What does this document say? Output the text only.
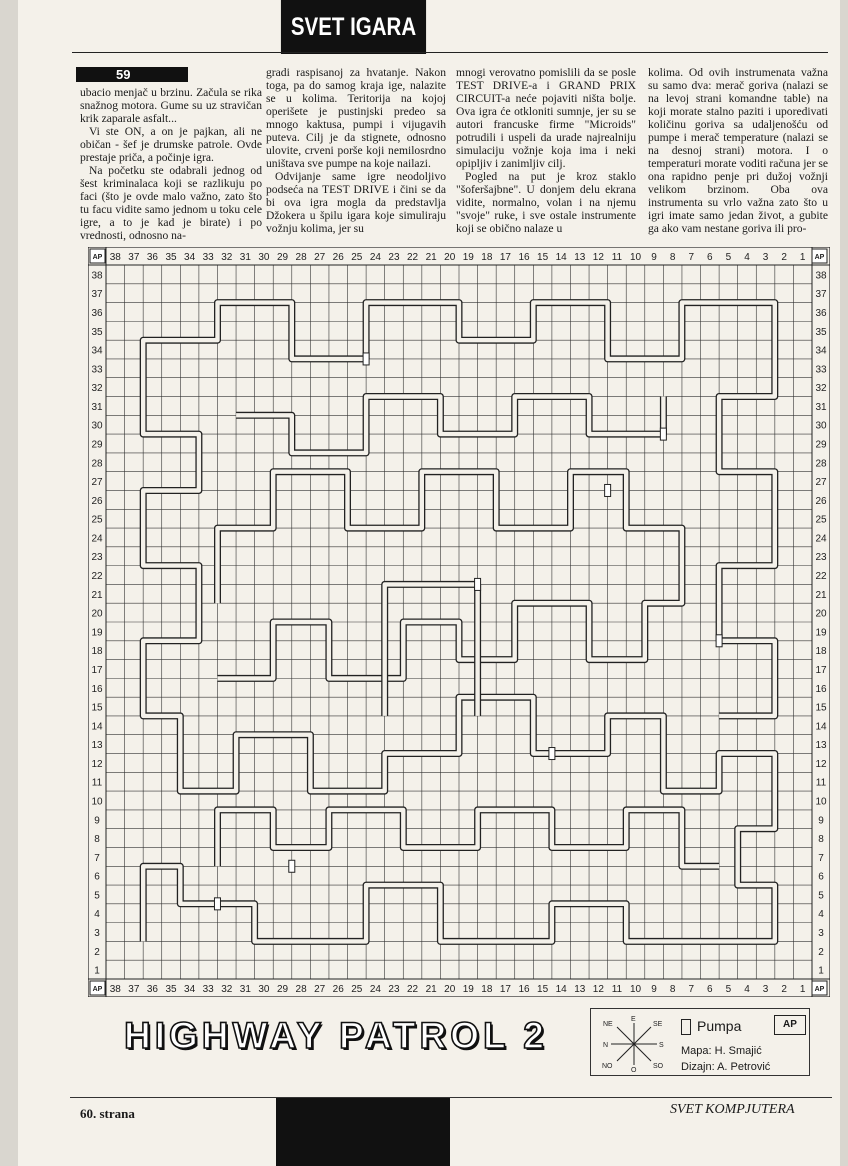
SVET IGARA
59

ubacio menjač u brzinu. Začula se rika snažnog motora. Gume su uz stravičan krik zaparale asfalt...

Vi ste ON, a on je pajkan, ali ne običan - šef je drumske patrole. Ovde prestaje priča, a počinje igra.

Na početku ste odabrali jednog od šest kriminalaca koji se razlikuju po faci (što je ovde malo važno, zato što tu facu vidite samo jednom u toku cele igre, a to je kad je birate) i po vrednosti, odnosno na-

gradi raspisanoj za hvatanje. Nakon toga, pa do samog kraja ige, nalazite se u kolima. Teritorija na kojoj operišete je pustinjski predeo sa mnogo kaktusa, pumpi i vijugavih puteva. Cilj je da stignete, odnosno ulovite, crveni porše koji nemilosrdno uništava sve pumpe na koje nailazi.

Odvijanje same igre neodoljivo podseća na TEST DRIVE i čini se da bi ova igra mogla da predstavlja Džokera u špilu igara koje simuliraju vožnju kolima, jer su

mnogi verovatno pomislili da se posle TEST DRIVE-a i GRAND PRIX CIRCUIT-a neće pojaviti ništa bolje. Ova igra će otkloniti sumnje, jer su se autori francuske firme "Microids" potrudili i uspeli da urade najrealniju simulaciju vožnje koja ima i neki opipljiv i zanimljiv cilj.

Pogled na put je kroz staklo "šoferšajbne". U donjem delu ekrana vidite, normalno, volan i na njemu "svoje" ruke, i sve ostale instrumente koji se obično nalaze u

kolima. Od ovih instrumenata važna su samo dva: merač goriva (nalazi se na levoj strani komandne table) na koji morate stalno paziti i uporedivati količinu goriva sa udaljenošću od pumpe i merač temperature (nalazi se na desnoj strani) motora. I o temperaturi morate voditi računa jer se ona rapidno penje pri dužoj vožnji velikom brzinom. Oba ova instrumenta su vrlo važna zato što u igri imate samo jedan život, a gubite ga ako vam nestane goriva ili pro-

38
38
37
37
36
36
35
35
34
34
33
33
32
32
31
31
30
30
29
29
28
28
27
27
26
26
25
25
24
24
23
23
22
22
21
21
20
20
19
19
18
18
17
17
16
16
15
15
14
14
13
13
12
12
11
11
10
10
9
9
8
8
7
7
6
6
5
5
4
4
3
3
2
2
1
1
38	38
37	37
36	36
35	35
34	34
33	33
32	32
31	31
30	30
29	29
28	28
27	27
26	26
25	25
24	24
23	23
22	22
21	21
20	20
19	19
18	18
17	17
16	16
15	15
14	14
13	13
12	12
11	11
10	10
9	9
8	8
7	7
6	6
5	5
4	4
3	3
2	2
1	1
AP	AP
AP	AP
HIGHWAY PATROL 2	E
NE	SE
N	S
NO	SO
O
Pumpa	AP
Mapa: H. Smajić
Dizajn: A. Petrović
60. strana	SVET KOMPJUTERA
